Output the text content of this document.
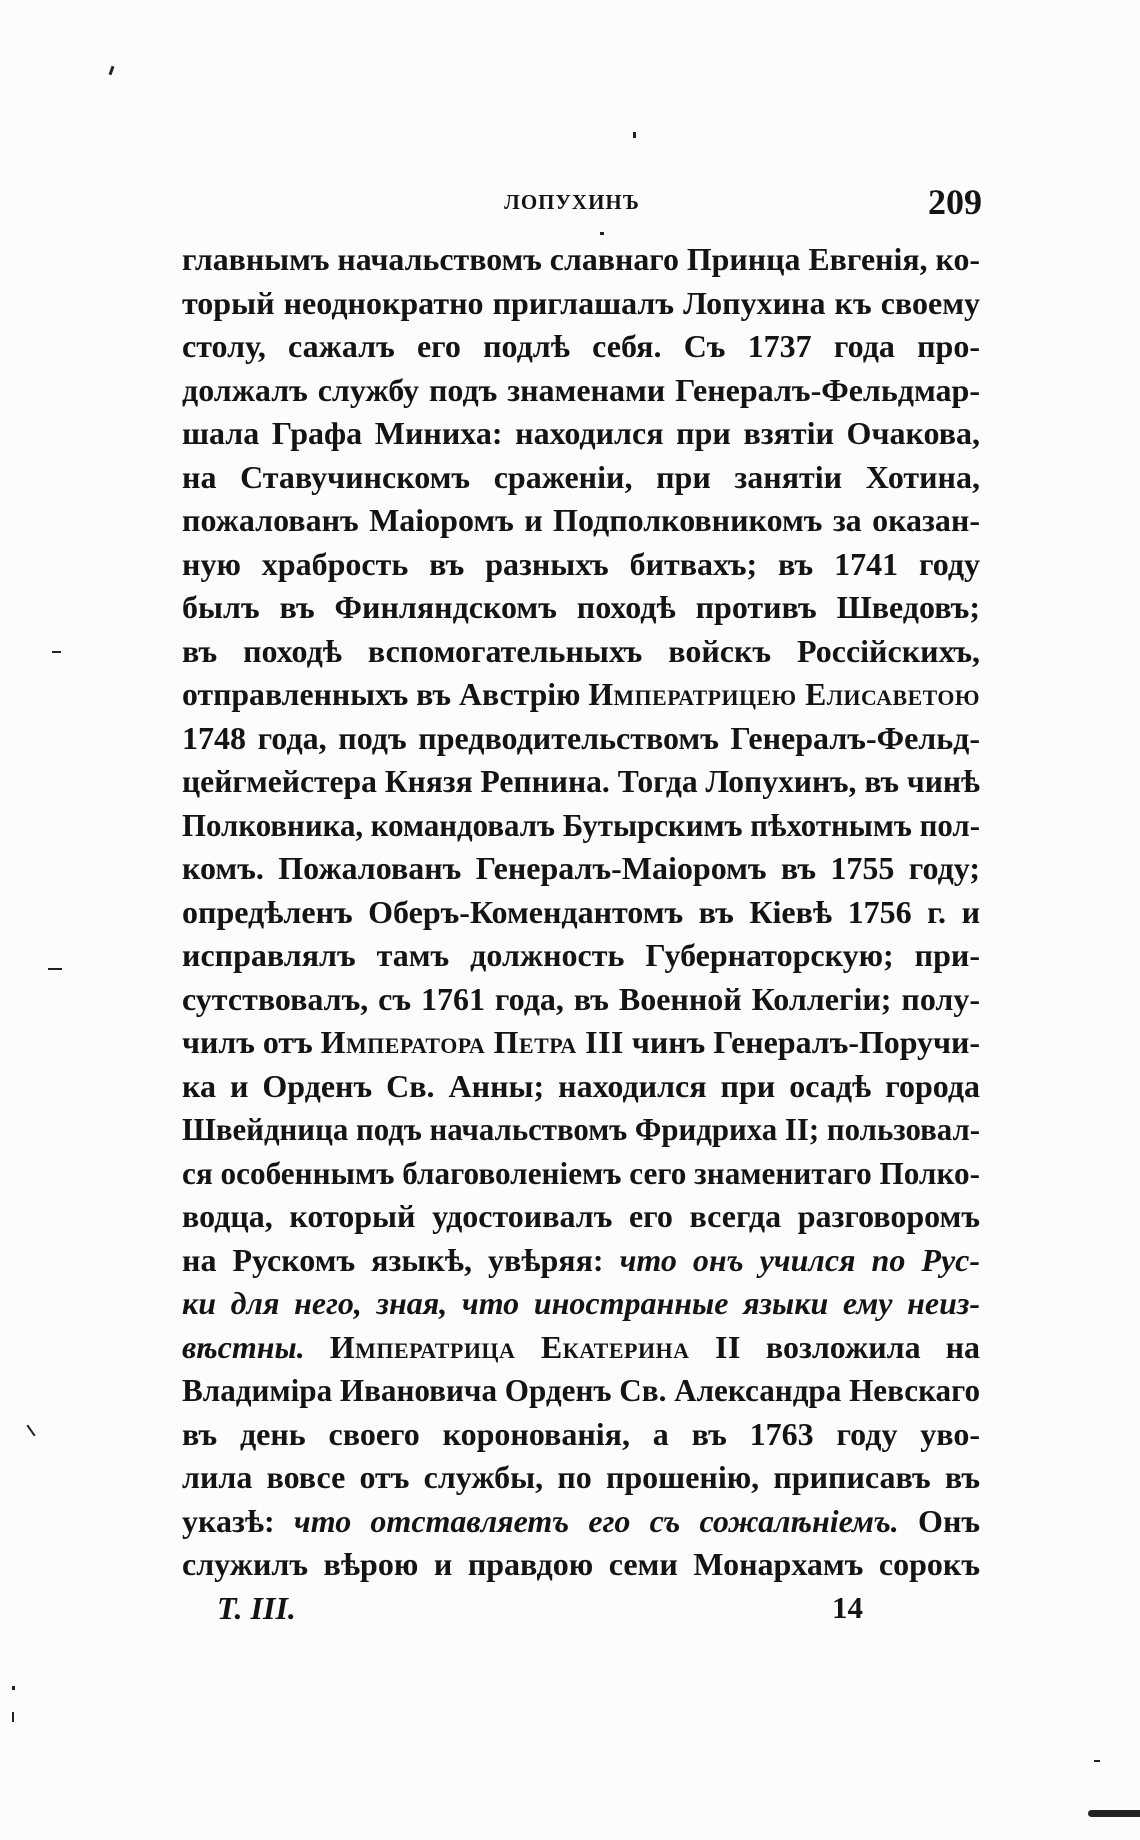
ЛОПУХИНЪ	209
главнымъ начальствомъ славнаго Принца Евгенія, ко-
торый неоднократно приглашалъ Лопухина къ своему
столу, сажалъ его подлѣ себя. Съ 1737 года про-
должалъ службу подъ знаменами Генералъ-Фельдмар-
шала Графа Миниха: находился при взятіи Очакова,
на Ставучинскомъ сраженіи, при занятіи Хотина,
пожалованъ Маіоромъ и Подполковникомъ за оказан-
ную храбрость въ разныхъ битвахъ; въ 1741 году
былъ въ Финляндскомъ походѣ противъ Шведовъ;
въ походѣ вспомогательныхъ войскъ Россійскихъ,
отправленныхъ въ Австрію Императрицею Елисаветою
1748 года, подъ предводительствомъ Генералъ-Фельд-
цейгмейстера Князя Репнина. Тогда Лопухинъ, въ чинѣ
Полковника, командовалъ Бутырскимъ пѣхотнымъ пол-
комъ. Пожалованъ Генералъ-Маіоромъ въ 1755 году;
опредѣленъ Оберъ-Комендантомъ въ Кіевѣ 1756 г. и
исправлялъ тамъ должность Губернаторскую; при-
сутствовалъ, съ 1761 года, въ Военной Коллегіи; полу-
чилъ отъ Императора Петра III чинъ Генералъ-Поручи-
ка и Орденъ Св. Анны; находился при осадѣ города
Швейдница подъ начальствомъ Фридриха II; пользовал-
ся особеннымъ благоволеніемъ сего знаменитаго Полко-
водца, который удостоивалъ его всегда разговоромъ
на Рускомъ языкѣ, увѣряя: что онъ учился по Рус-
ки для него, зная, что иностранные языки ему неиз-
вѣстны. Императрица Екатерина II возложила на
Владиміра Ивановича Орденъ Св. Александра Невскаго
въ день своего коронованія, а въ 1763 году уво-
лила вовсе отъ службы, по прошенію, приписавъ въ
указѣ: что отставляетъ его съ сожалѣніемъ. Онъ
служилъ вѣрою и правдою семи Монархамъ сорокъ
Т. III.	14
